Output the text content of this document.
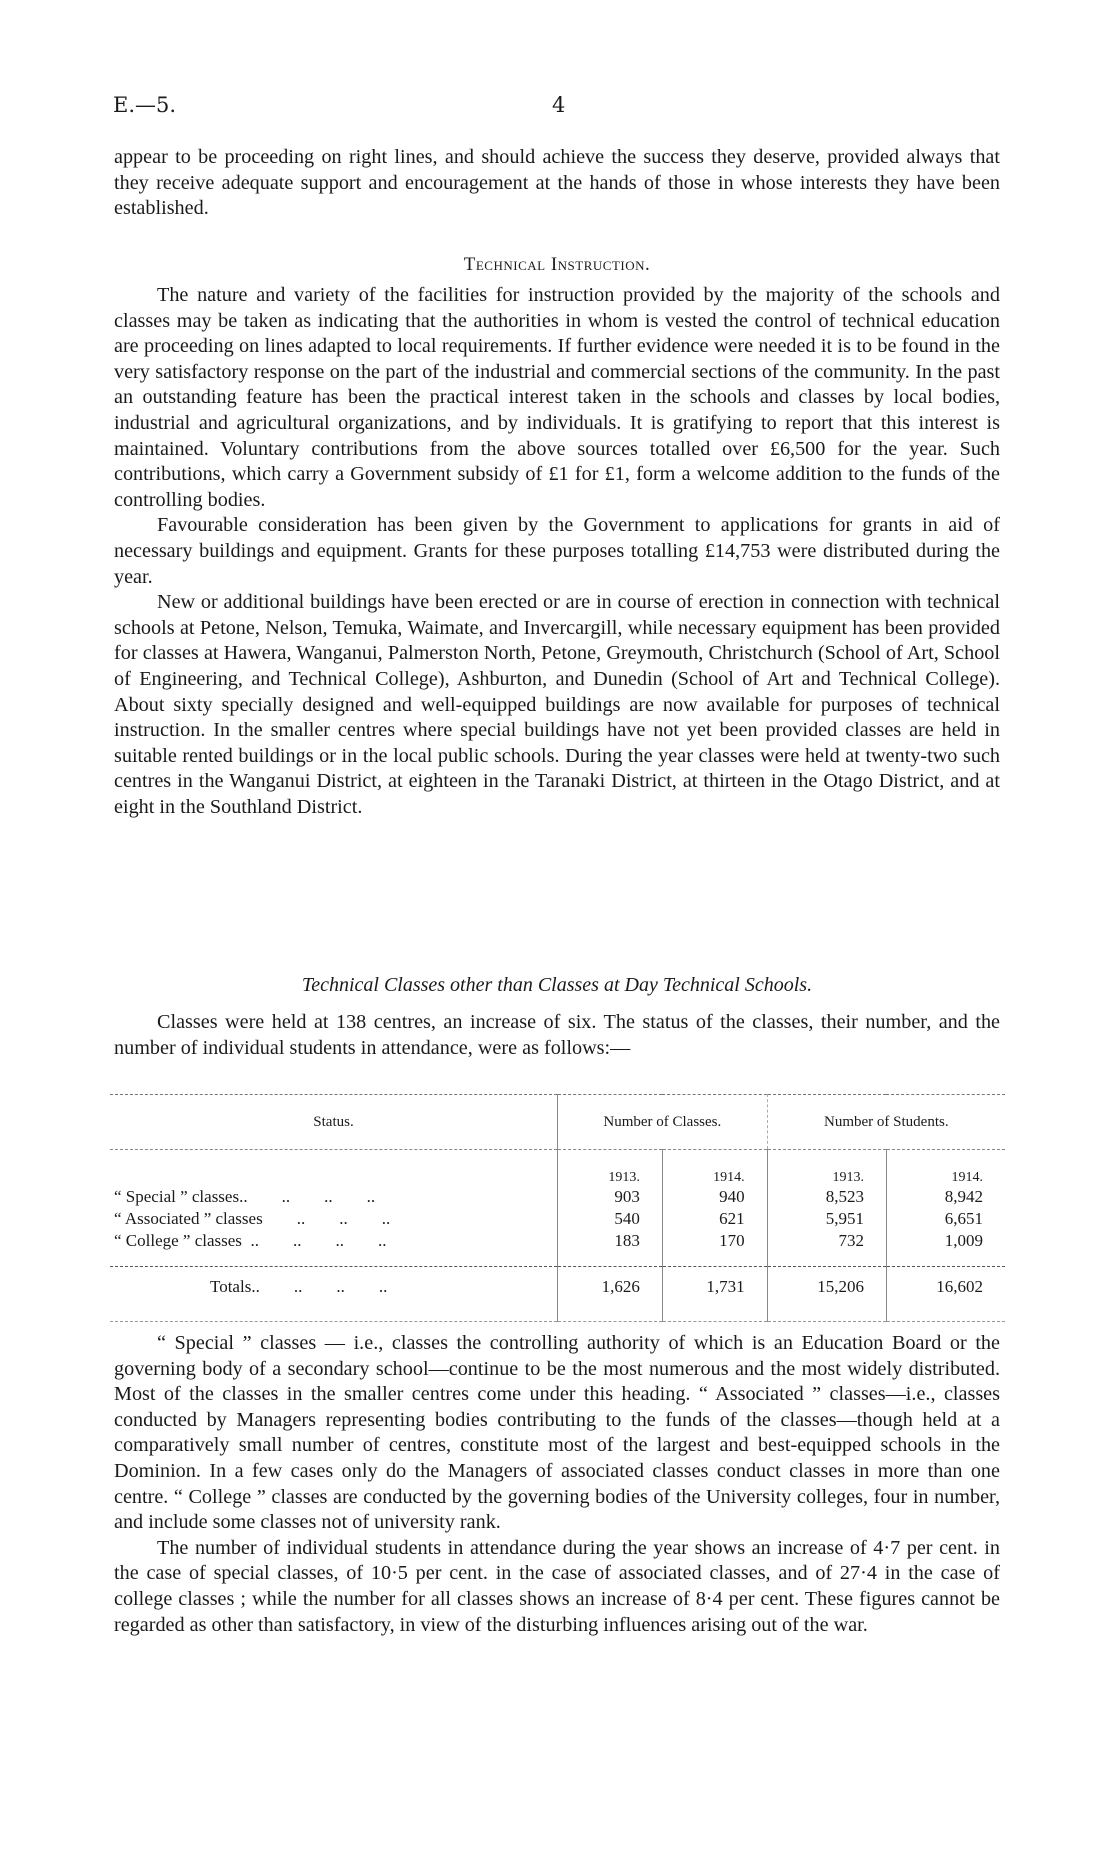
E.—5.	4

appear to be proceeding on right lines, and should achieve the success they deserve, provided always that they receive adequate support and encouragement at the hands of those in whose interests they have been established.

Technical Instruction.

The nature and variety of the facilities for instruction provided by the majority of the schools and classes may be taken as indicating that the authorities in whom is vested the control of technical education are proceeding on lines adapted to local requirements. If further evidence were needed it is to be found in the very satisfactory response on the part of the industrial and commercial sections of the community. In the past an outstanding feature has been the practical interest taken in the schools and classes by local bodies, industrial and agricultural organizations, and by individuals. It is gratifying to report that this interest is maintained. Voluntary contributions from the above sources totalled over £6,500 for the year. Such contributions, which carry a Government subsidy of £1 for £1, form a welcome addition to the funds of the controlling bodies.

Favourable consideration has been given by the Government to applications for grants in aid of necessary buildings and equipment. Grants for these purposes totalling £14,753 were distributed during the year.

New or additional buildings have been erected or are in course of erection in connection with technical schools at Petone, Nelson, Temuka, Waimate, and Invercargill, while necessary equipment has been provided for classes at Hawera, Wanganui, Palmerston North, Petone, Greymouth, Christchurch (School of Art, School of Engineering, and Technical College), Ashburton, and Dunedin (School of Art and Technical College). About sixty specially designed and well-equipped buildings are now available for purposes of technical instruction. In the smaller centres where special buildings have not yet been provided classes are held in suitable rented buildings or in the local public schools. During the year classes were held at twenty-two such centres in the Wanganui District, at eighteen in the Taranaki District, at thirteen in the Otago District, and at eight in the Southland District.

Technical Classes other than Classes at Day Technical Schools.

Classes were held at 138 centres, an increase of six. The status of the classes, their number, and the number of individual students in attendance, were as follows:—

Status.	Number of Classes.		Number of Students.	
	1913.	1914.	1913.	1914.
“ Special ” classes..        ..        ..        ..	903	940	8,523	8,942
“ Associated ” classes        ..        ..        ..	540	621	5,951	6,651
“ College ” classes  ..        ..        ..        ..	183	170	732	1,009

Totals..        ..        ..        ..	1,626	1,731	15,206	16,602

“ Special ” classes — i.e., classes the controlling authority of which is an Education Board or the governing body of a secondary school—continue to be the most numerous and the most widely distributed. Most of the classes in the smaller centres come under this heading. “ Associated ” classes—i.e., classes conducted by Managers representing bodies contributing to the funds of the classes—though held at a comparatively small number of centres, constitute most of the largest and best-equipped schools in the Dominion. In a few cases only do the Managers of associated classes conduct classes in more than one centre. “ College ” classes are conducted by the governing bodies of the University colleges, four in number, and include some classes not of university rank.

The number of individual students in attendance during the year shows an increase of 4·7 per cent. in the case of special classes, of 10·5 per cent. in the case of associated classes, and of 27·4 in the case of college classes ; while the number for all classes shows an increase of 8·4 per cent. These figures cannot be regarded as other than satisfactory, in view of the disturbing influences arising out of the war.
